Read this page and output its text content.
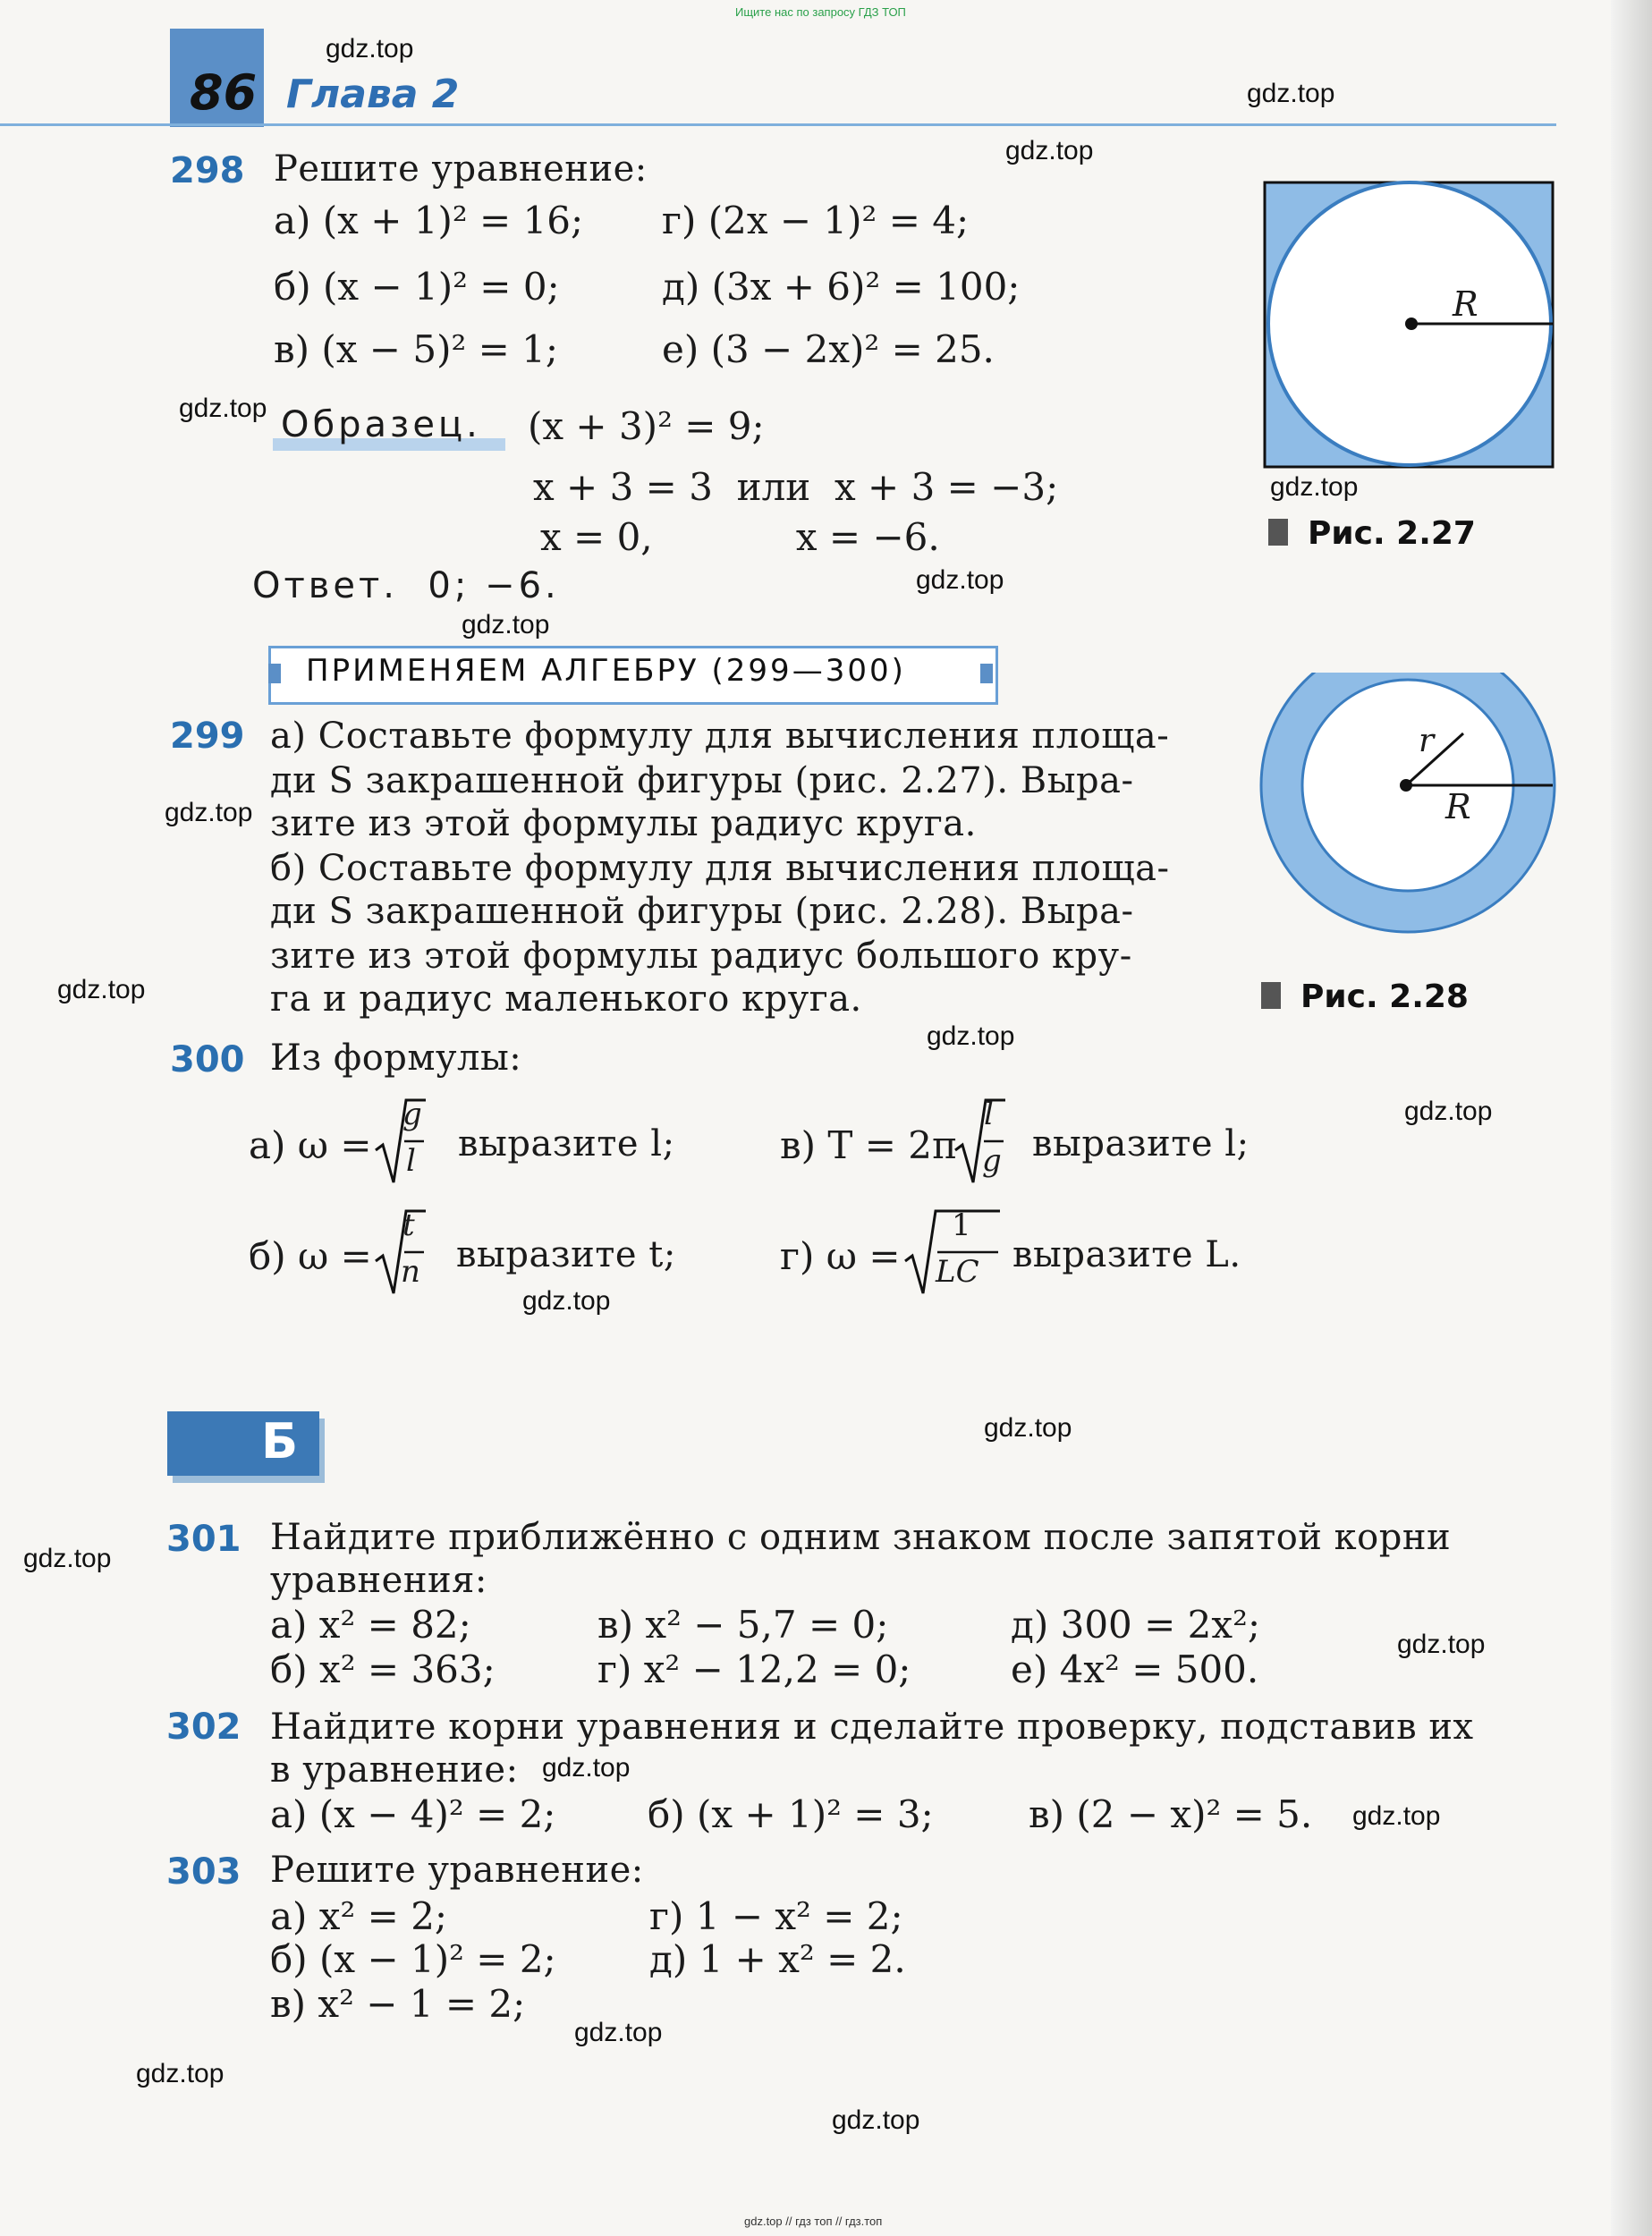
Ищите нас по запросу ГДЗ ТОП
gdz.top // гдз топ // гдз.топ
86 Глава 2
298 Решите уравнение:
а) (x + 1)² = 16;
б) (x − 1)² = 0;
в) (x − 5)² = 1;
г) (2x − 1)² = 4;
д) (3x + 6)² = 100;
е) (3 − 2x)² = 25.
Образец. (x + 3)² = 9;
x + 3 = 3  или  x + 3 = −3;
x = 0,            x = −6.
Ответ.  0; −6.
R
Рис. 2.27
ПРИМЕНЯЕМ АЛГЕБРУ (299—300)
r
R
Рис. 2.28
299 а) Составьте формулу для вычисления площа-
ди S закрашенной фигуры (рис. 2.27). Выра-
зите из этой формулы радиус круга.
б) Составьте формулу для вычисления площа-
ди S закрашенной фигуры (рис. 2.28). Выра-
зите из этой формулы радиус большого кру-
га и радиус маленького круга.
300 Из формулы:
а) ω =
g
l выразите l;	в) T = 2π
l
g выразите l;
б) ω =
t
n выразите t;	г) ω =
1
LC выразите L.
Б
301 Найдите приближённо с одним знаком после запятой корни
уравнения:
а) x² = 82;
б) x² = 363;
в) x² − 5,7 = 0;
г) x² − 12,2 = 0;
д) 300 = 2x²;
е) 4x² = 500.
302 Найдите корни уравнения и сделайте проверку, подставив их
в уравнение:
а) (x − 4)² = 2; б) (x + 1)² = 3;	в) (2 − x)² = 5.
303 Решите уравнение:
а) x² = 2;
б) (x − 1)² = 2;
в) x² − 1 = 2;
г) 1 − x² = 2;
д) 1 + x² = 2.
gdz.top
gdz.top
gdz.top
gdz.top
gdz.top
gdz.top
gdz.top
gdz.top
gdz.top
gdz.top
gdz.top
gdz.top
gdz.top
gdz.top
gdz.top
gdz.top
gdz.top
gdz.top
gdz.top
gdz.top
